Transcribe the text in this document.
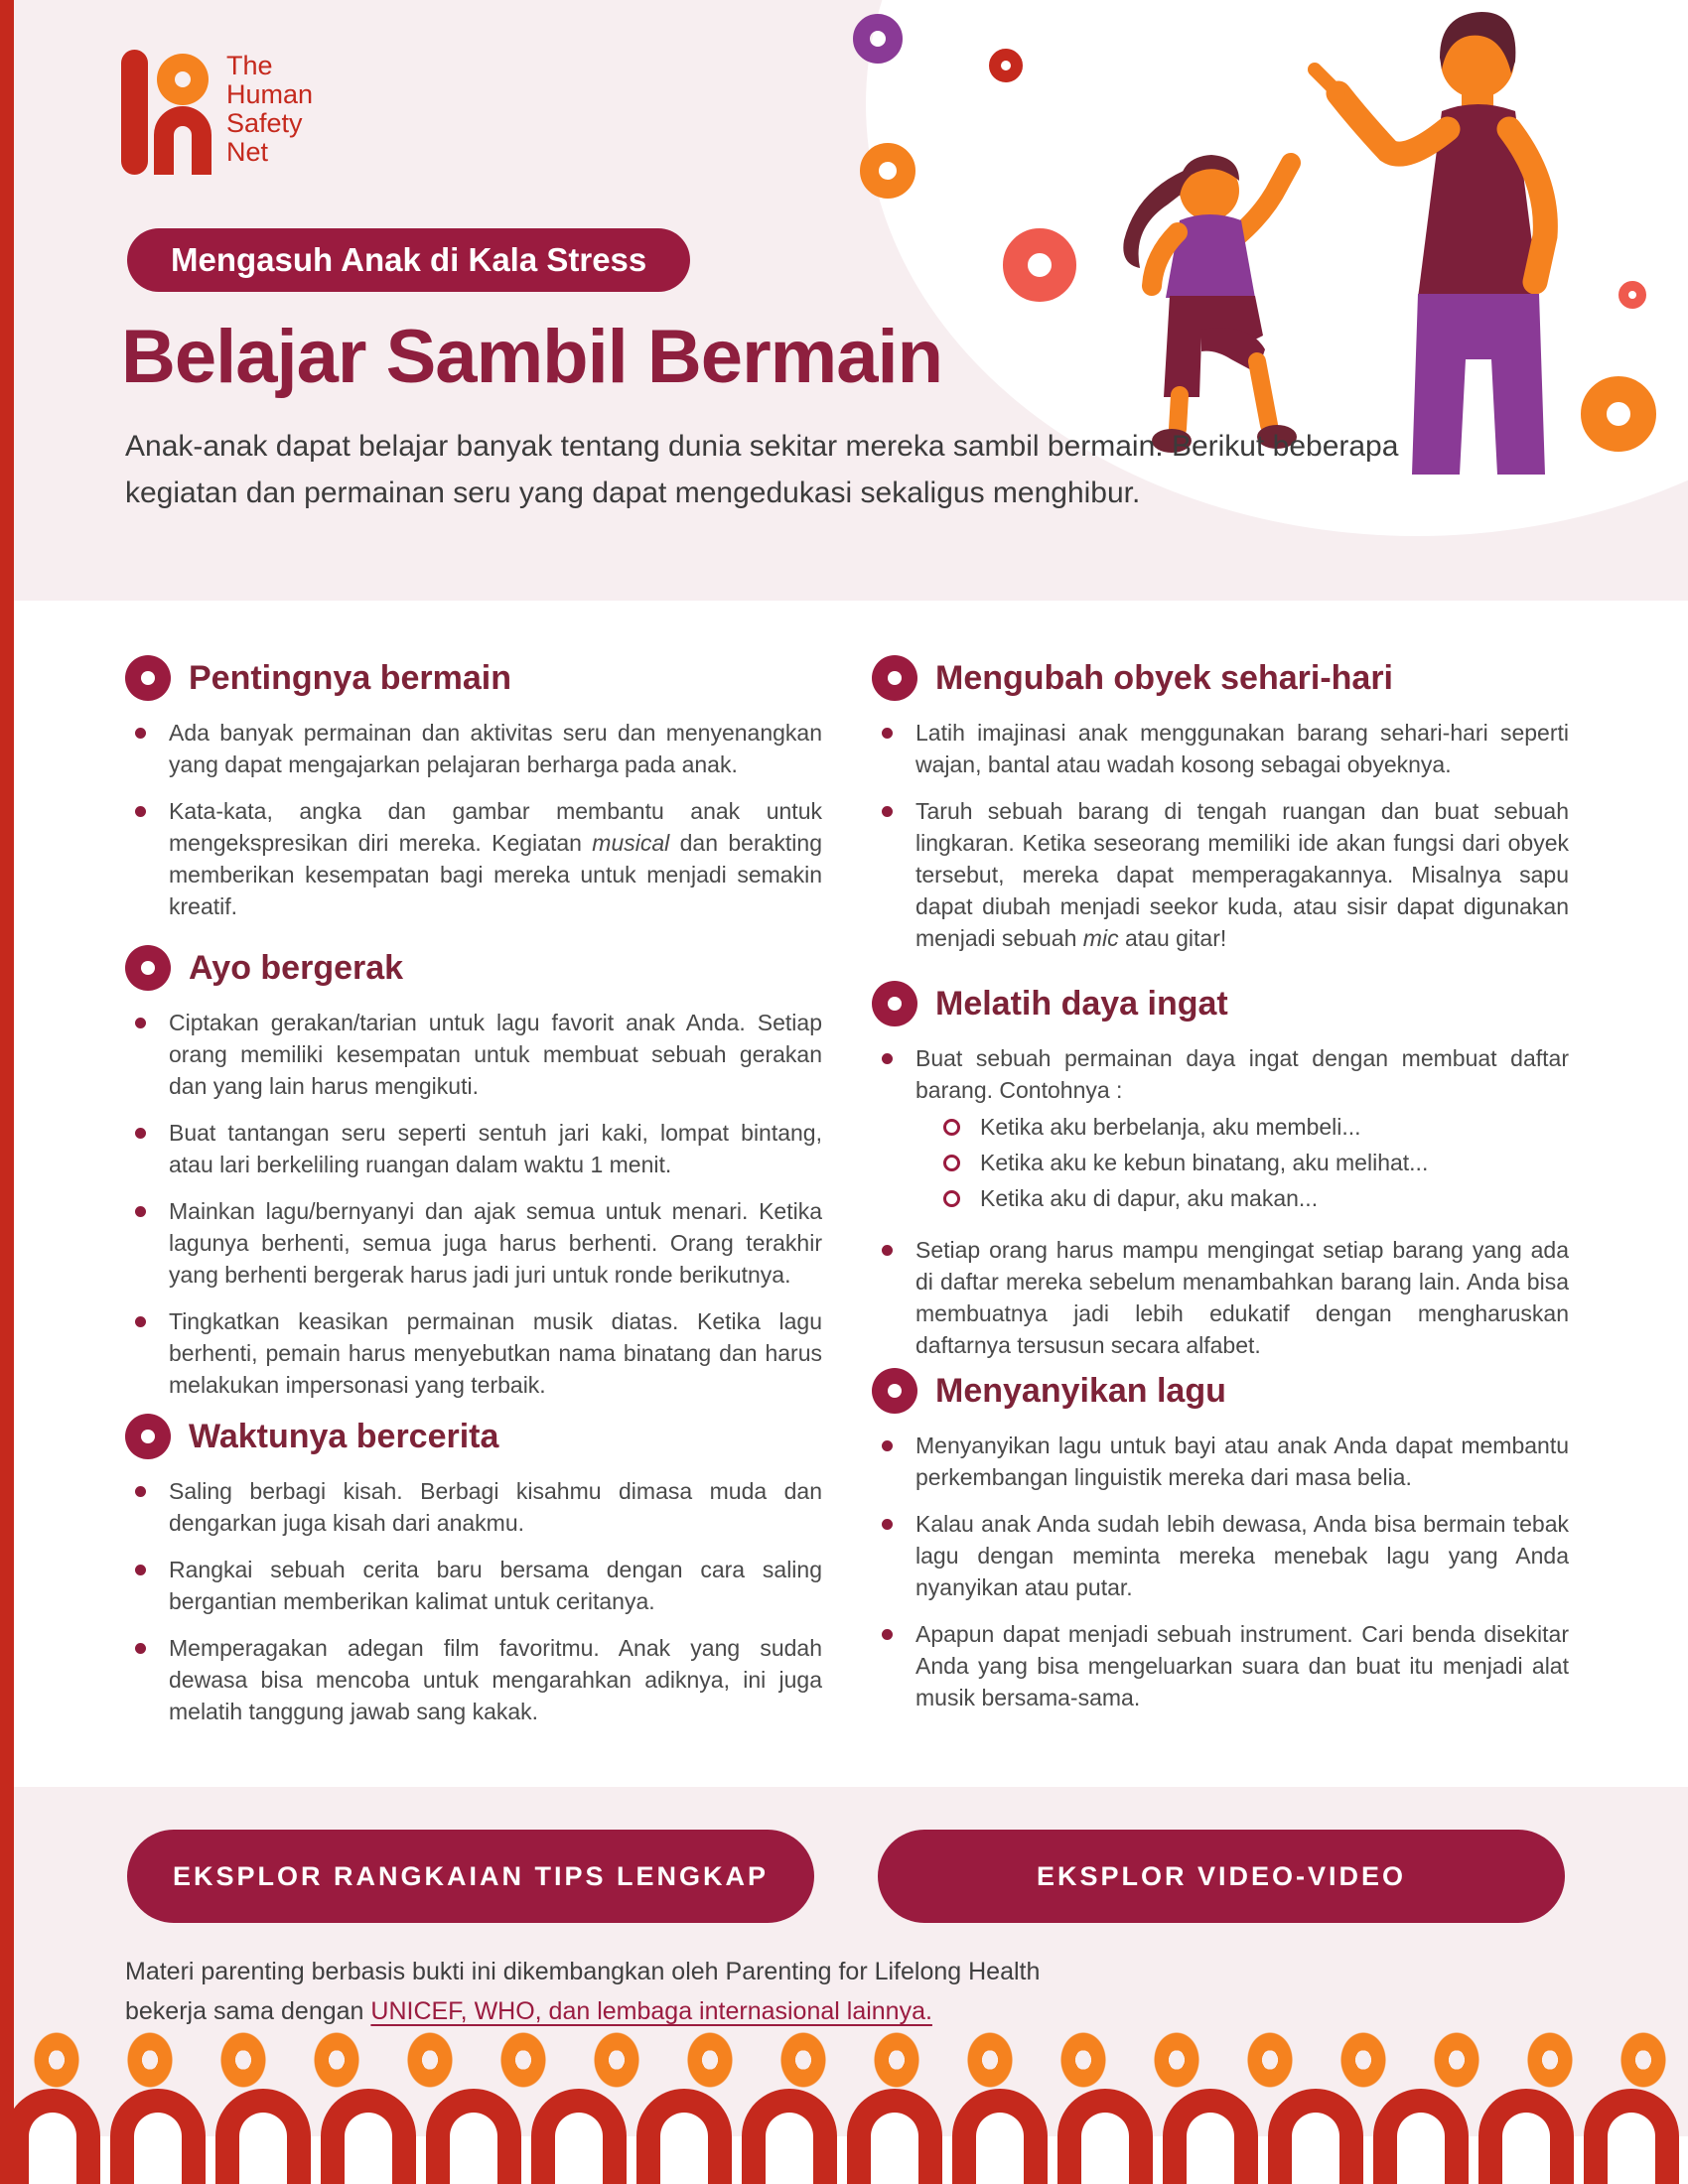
The
Human
Safety
Net
Mengasuh Anak di Kala Stress
Belajar Sambil Bermain
Anak-anak dapat belajar banyak tentang dunia sekitar mereka sambil bermain. Berikut beberapa kegiatan dan permainan seru yang dapat mengedukasi sekaligus menghibur.
Pentingnya bermain
Ada banyak permainan dan aktivitas seru dan menyenangkan yang dapat mengajarkan pelajaran berharga pada anak.
Kata-kata, angka dan gambar membantu anak untuk mengekspresikan diri mereka. Kegiatan musical dan berakting memberikan kesempatan bagi mereka untuk menjadi semakin kreatif.
Ayo bergerak
Ciptakan gerakan/tarian untuk lagu favorit anak Anda. Setiap orang memiliki kesempatan untuk membuat sebuah gerakan dan yang lain harus mengikuti.
Buat tantangan seru seperti sentuh jari kaki, lompat bintang, atau lari berkeliling ruangan dalam waktu 1 menit.
Mainkan lagu/bernyanyi dan ajak semua untuk menari. Ketika lagunya berhenti, semua juga harus berhenti. Orang terakhir yang berhenti bergerak harus jadi juri untuk ronde berikutnya.
Tingkatkan keasikan permainan musik diatas. Ketika lagu berhenti, pemain harus menyebutkan nama binatang dan harus melakukan impersonasi yang terbaik.
Waktunya bercerita
Saling berbagi kisah. Berbagi kisahmu dimasa muda dan dengarkan juga kisah dari anakmu.
Rangkai sebuah cerita baru bersama dengan cara saling bergantian memberikan kalimat untuk ceritanya.
Memperagakan adegan film favoritmu. Anak yang sudah dewasa bisa mencoba untuk mengarahkan adiknya, ini juga melatih tanggung jawab sang kakak.
Mengubah obyek sehari-hari
Latih imajinasi anak menggunakan barang sehari-hari seperti wajan, bantal atau wadah kosong sebagai obyeknya.
Taruh sebuah barang di tengah ruangan dan buat sebuah lingkaran. Ketika seseorang memiliki ide akan fungsi dari obyek tersebut, mereka dapat memperagakannya. Misalnya sapu dapat diubah menjadi seekor kuda, atau sisir dapat digunakan menjadi sebuah mic atau gitar!
Melatih daya ingat
Buat sebuah permainan daya ingat dengan membuat daftar barang. Contohnya :
Ketika aku berbelanja, aku membeli...
Ketika aku ke kebun binatang, aku melihat...
Ketika aku di dapur, aku makan...
Setiap orang harus mampu mengingat setiap barang yang ada di daftar mereka sebelum menambahkan barang lain. Anda bisa membuatnya jadi lebih edukatif dengan mengharuskan daftarnya tersusun secara alfabet.
Menyanyikan lagu
Menyanyikan lagu untuk bayi atau anak Anda dapat membantu perkembangan linguistik mereka dari masa belia.
Kalau anak Anda sudah lebih dewasa, Anda bisa bermain tebak lagu dengan meminta mereka menebak lagu yang Anda nyanyikan atau putar.
Apapun dapat menjadi sebuah instrument. Cari benda disekitar Anda yang bisa mengeluarkan suara dan buat itu menjadi alat musik bersama-sama.
EKSPLOR RANGKAIAN TIPS LENGKAP	EKSPLOR VIDEO-VIDEO
Materi parenting berbasis bukti ini dikembangkan oleh Parenting for Lifelong Health
bekerja sama dengan UNICEF, WHO, dan lembaga internasional lainnya.
